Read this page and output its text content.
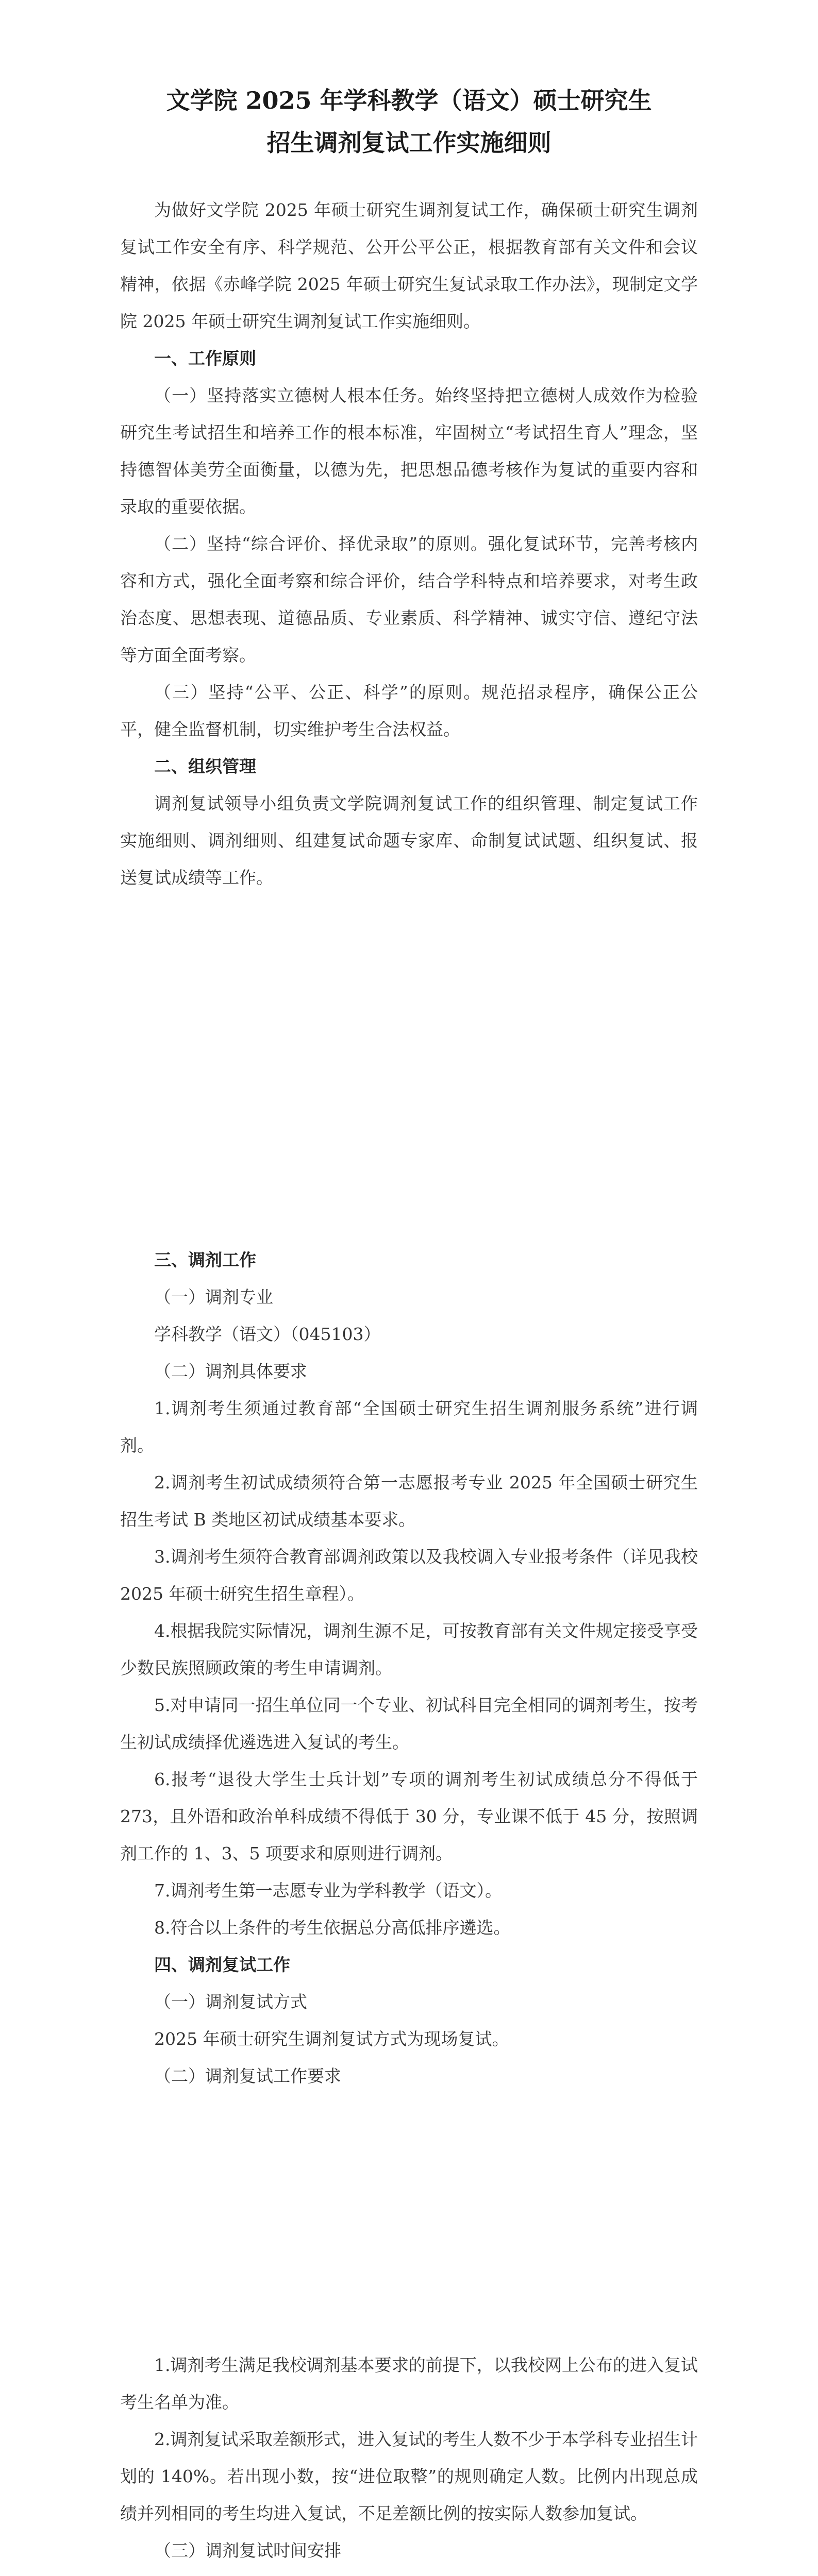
文学院 2025 年学科教学（语文）硕士研究生
招生调剂复试工作实施细则

为做好文学院 2025 年硕士研究生调剂复试工作，确保硕士研究生调剂复试工作安全有序、科学规范、公开公平公正，根据教育部有关文件和会议精神，依据《赤峰学院 2025 年硕士研究生复试录取工作办法》，现制定文学院 2025 年硕士研究生调剂复试工作实施细则。

一、工作原则

（一）坚持落实立德树人根本任务。始终坚持把立德树人成效作为检验研究生考试招生和培养工作的根本标准，牢固树立“考试招生育人”理念，坚持德智体美劳全面衡量，以德为先，把思想品德考核作为复试的重要内容和录取的重要依据。

（二）坚持“综合评价、择优录取”的原则。强化复试环节，完善考核内容和方式，强化全面考察和综合评价，结合学科特点和培养要求，对考生政治态度、思想表现、道德品质、专业素质、科学精神、诚实守信、遵纪守法等方面全面考察。

（三）坚持“公平、公正、科学”的原则。规范招录程序，确保公正公平，健全监督机制，切实维护考生合法权益。

二、组织管理

调剂复试领导小组负责文学院调剂复试工作的组织管理、制定复试工作实施细则、调剂细则、组建复试命题专家库、命制复试试题、组织复试、报送复试成绩等工作。

三、调剂工作

（一）调剂专业

学科教学（语文）（045103）

（二）调剂具体要求

1.调剂考生须通过教育部“全国硕士研究生招生调剂服务系统”进行调剂。

2.调剂考生初试成绩须符合第一志愿报考专业 2025 年全国硕士研究生招生考试 B 类地区初试成绩基本要求。

3.调剂考生须符合教育部调剂政策以及我校调入专业报考条件（详见我校 2025 年硕士研究生招生章程）。

4.根据我院实际情况，调剂生源不足，可按教育部有关文件规定接受享受少数民族照顾政策的考生申请调剂。

5.对申请同一招生单位同一个专业、初试科目完全相同的调剂考生，按考生初试成绩择优遴选进入复试的考生。

6.报考“退役大学生士兵计划”专项的调剂考生初试成绩总分不得低于 273，且外语和政治单科成绩不得低于 30 分，专业课不低于 45 分，按照调剂工作的 1、3、5 项要求和原则进行调剂。

7.调剂考生第一志愿专业为学科教学（语文）。

8.符合以上条件的考生依据总分高低排序遴选。

四、调剂复试工作

（一）调剂复试方式

2025 年硕士研究生调剂复试方式为现场复试。

（二）调剂复试工作要求

1.调剂考生满足我校调剂基本要求的前提下，以我校网上公布的进入复试考生名单为准。

2.调剂复试采取差额形式，进入复试的考生人数不少于本学科专业招生计划的 140%。若出现小数，按“进位取整”的规则确定人数。比例内出现总成绩并列相同的考生均进入复试，不足差额比例的按实际人数参加复试。

（三）调剂复试时间安排
